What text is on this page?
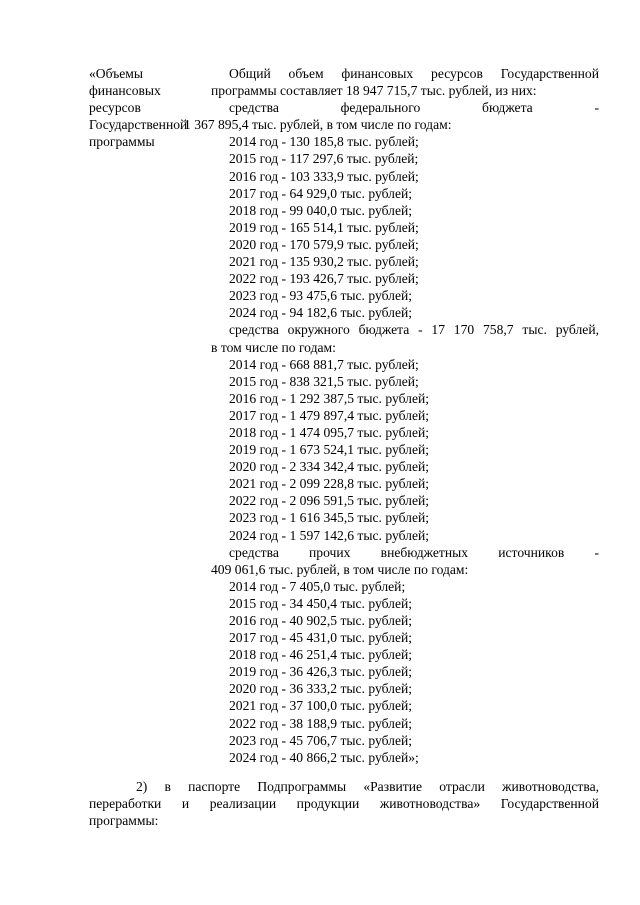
«Объемы
финансовых
ресурсов
Государственной
программы
Общий объем финансовых ресурсов Государственной
программы составляет 18 947 715,7 тыс. рублей, из них:
средства федерального бюджета -
1 367 895,4 тыс. рублей, в том числе по годам:
2014 год - 130 185,8 тыс. рублей;
2015 год - 117 297,6 тыс. рублей;
2016 год - 103 333,9 тыс. рублей;
2017 год - 64 929,0 тыс. рублей;
2018 год - 99 040,0 тыс. рублей;
2019 год - 165 514,1 тыс. рублей;
2020 год - 170 579,9 тыс. рублей;
2021 год - 135 930,2 тыс. рублей;
2022 год - 193 426,7 тыс. рублей;
2023 год - 93 475,6 тыс. рублей;
2024 год - 94 182,6 тыс. рублей;
средства окружного бюджета - 17 170 758,7 тыс. рублей,
в том числе по годам:
2014 год - 668 881,7 тыс. рублей;
2015 год - 838 321,5 тыс. рублей;
2016 год - 1 292 387,5 тыс. рублей;
2017 год - 1 479 897,4 тыс. рублей;
2018 год - 1 474 095,7 тыс. рублей;
2019 год - 1 673 524,1 тыс. рублей;
2020 год - 2 334 342,4 тыс. рублей;
2021 год - 2 099 228,8 тыс. рублей;
2022 год - 2 096 591,5 тыс. рублей;
2023 год - 1 616 345,5 тыс. рублей;
2024 год - 1 597 142,6 тыс. рублей;
средства прочих внебюджетных источников -
409 061,6 тыс. рублей, в том числе по годам:
2014 год - 7 405,0 тыс. рублей;
2015 год - 34 450,4 тыс. рублей;
2016 год - 40 902,5 тыс. рублей;
2017 год - 45 431,0 тыс. рублей;
2018 год - 46 251,4 тыс. рублей;
2019 год - 36 426,3 тыс. рублей;
2020 год - 36 333,2 тыс. рублей;
2021 год - 37 100,0 тыс. рублей;
2022 год - 38 188,9 тыс. рублей;
2023 год - 45 706,7 тыс. рублей;
2024 год - 40 866,2 тыс. рублей»;
2) в паспорте Подпрограммы «Развитие отрасли животноводства,
переработки и реализации продукции животноводства» Государственной
программы:
